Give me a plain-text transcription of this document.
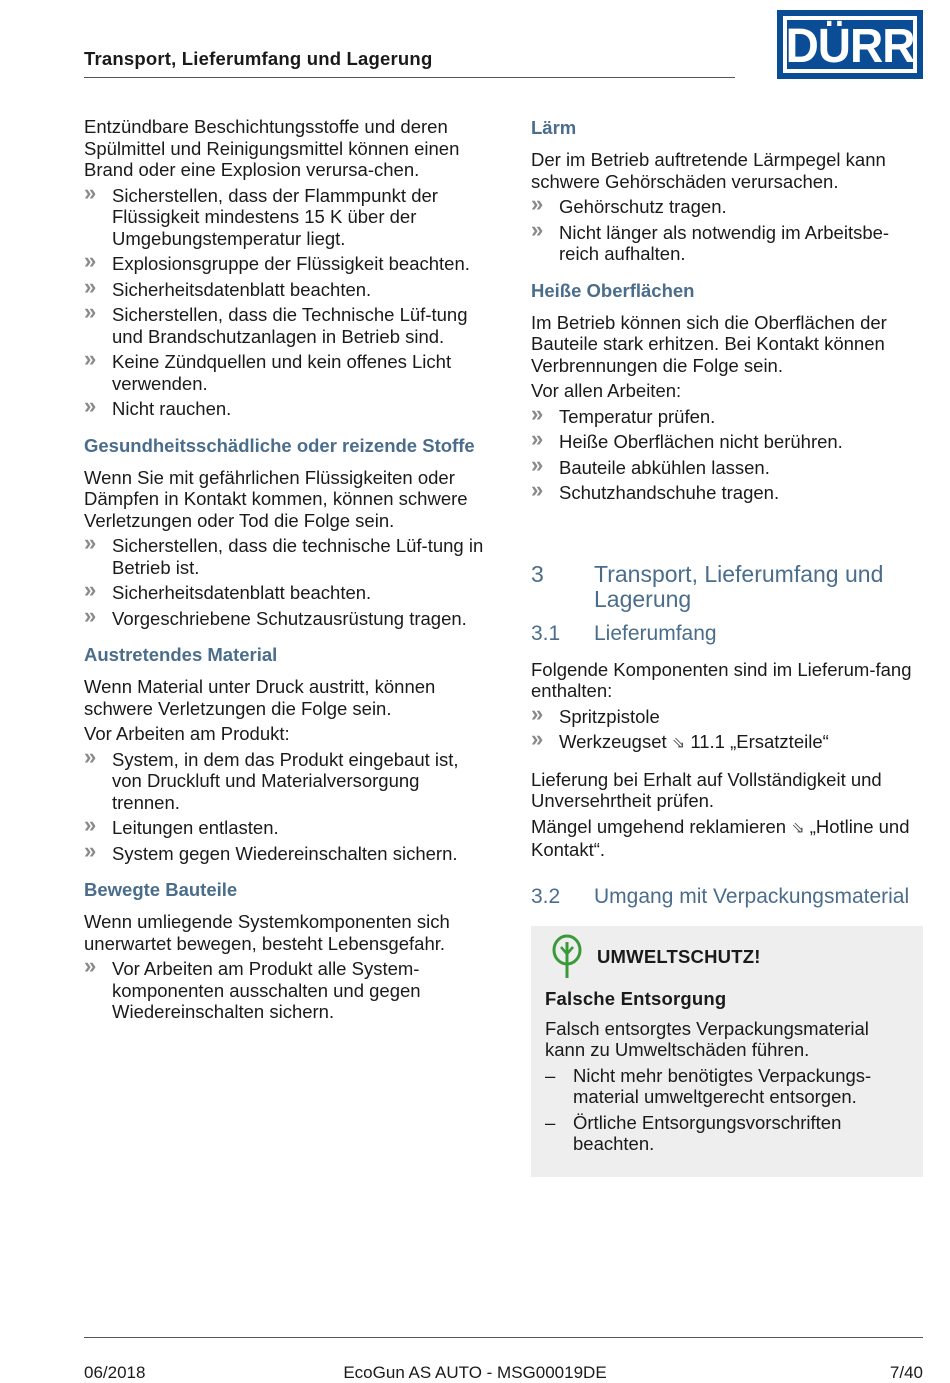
Transport, Lieferumfang und Lagerung	DÜRR

Entzündbare Beschichtungsstoffe und deren Spülmittel und Reinigungsmittel können einen Brand oder eine Explosion verursa-chen.

» Sicherstellen, dass der Flammpunkt der Flüssigkeit mindestens 15 K über der Umgebungstemperatur liegt.
» Explosionsgruppe der Flüssigkeit beachten.
» Sicherheitsdatenblatt beachten.
» Sicherstellen, dass die Technische Lüf-tung und Brandschutzanlagen in Betrieb sind.
» Keine Zündquellen und kein offenes Licht verwenden.
» Nicht rauchen.
Gesundheitsschädliche oder reizende Stoffe

Wenn Sie mit gefährlichen Flüssigkeiten oder Dämpfen in Kontakt kommen, können schwere Verletzungen oder Tod die Folge sein.

» Sicherstellen, dass die technische Lüf-tung in Betrieb ist.
» Sicherheitsdatenblatt beachten.
» Vorgeschriebene Schutzausrüstung tragen.
Austretendes Material

Wenn Material unter Druck austritt, können schwere Verletzungen die Folge sein.

Vor Arbeiten am Produkt:

» System, in dem das Produkt eingebaut ist, von Druckluft und Materialversorgung trennen.
» Leitungen entlasten.
» System gegen Wiedereinschalten sichern.
Bewegte Bauteile

Wenn umliegende Systemkomponenten sich unerwartet bewegen, besteht Lebensgefahr.

» Vor Arbeiten am Produkt alle System-komponenten ausschalten und gegen Wiedereinschalten sichern.
Lärm

Der im Betrieb auftretende Lärmpegel kann schwere Gehörschäden verursachen.

» Gehörschutz tragen.
» Nicht länger als notwendig im Arbeitsbe-reich aufhalten.
Heiße Oberflächen

Im Betrieb können sich die Oberflächen der Bauteile stark erhitzen. Bei Kontakt können Verbrennungen die Folge sein.

Vor allen Arbeiten:

» Temperatur prüfen.
» Heiße Oberflächen nicht berühren.
» Bauteile abkühlen lassen.
» Schutzhandschuhe tragen.
3	Transport, Lieferumfang und Lagerung
3.1	Lieferumfang

Folgende Komponenten sind im Lieferum-fang enthalten:

» Spritzpistole
» Werkzeugset ⇘ 11.1 „Ersatzteile“

Lieferung bei Erhalt auf Vollständigkeit und Unversehrtheit prüfen.

Mängel umgehend reklamieren ⇘ „Hotline und Kontakt“.

3.2	Umgang mit Verpackungsmaterial
UMWELTSCHUTZ!

Falsche Entsorgung

Falsch entsorgtes Verpackungsmaterial kann zu Umweltschäden führen.

– Nicht mehr benötigtes Verpackungs-material umweltgerecht entsorgen.
– Örtliche Entsorgungsvorschriften beachten.
EcoGun AS AUTO - MSG00019DE
06/2018	7/40
